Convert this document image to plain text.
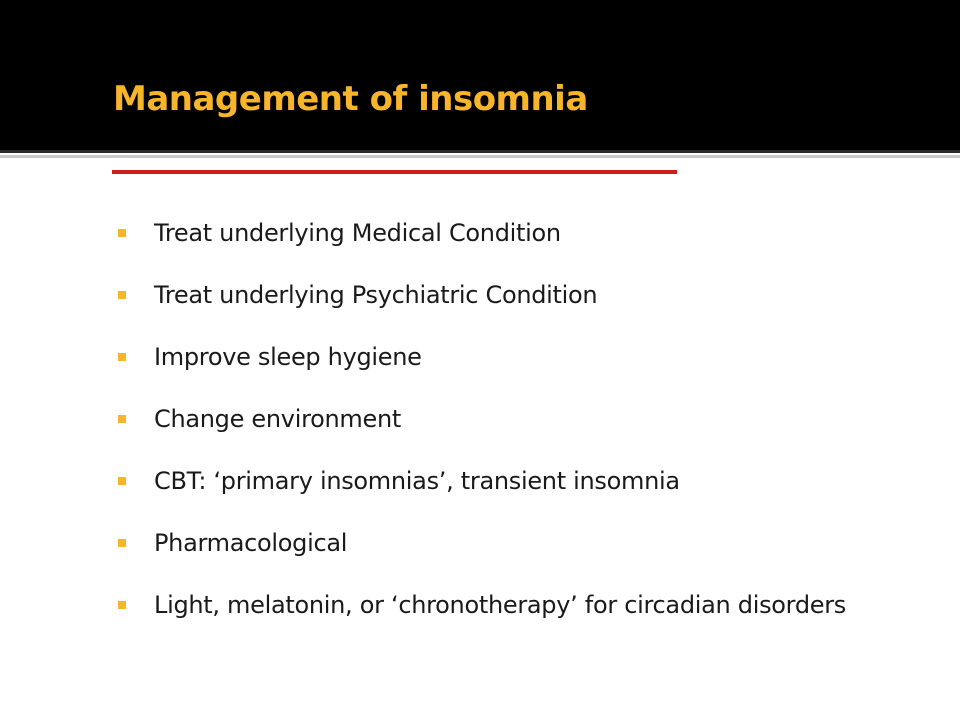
Management of insomnia
Treat underlying Medical Condition
Treat underlying Psychiatric Condition
Improve sleep hygiene
Change environment
CBT: ‘primary insomnias’, transient insomnia
Pharmacological
Light, melatonin, or ‘chronotherapy’ for circadian disorders
